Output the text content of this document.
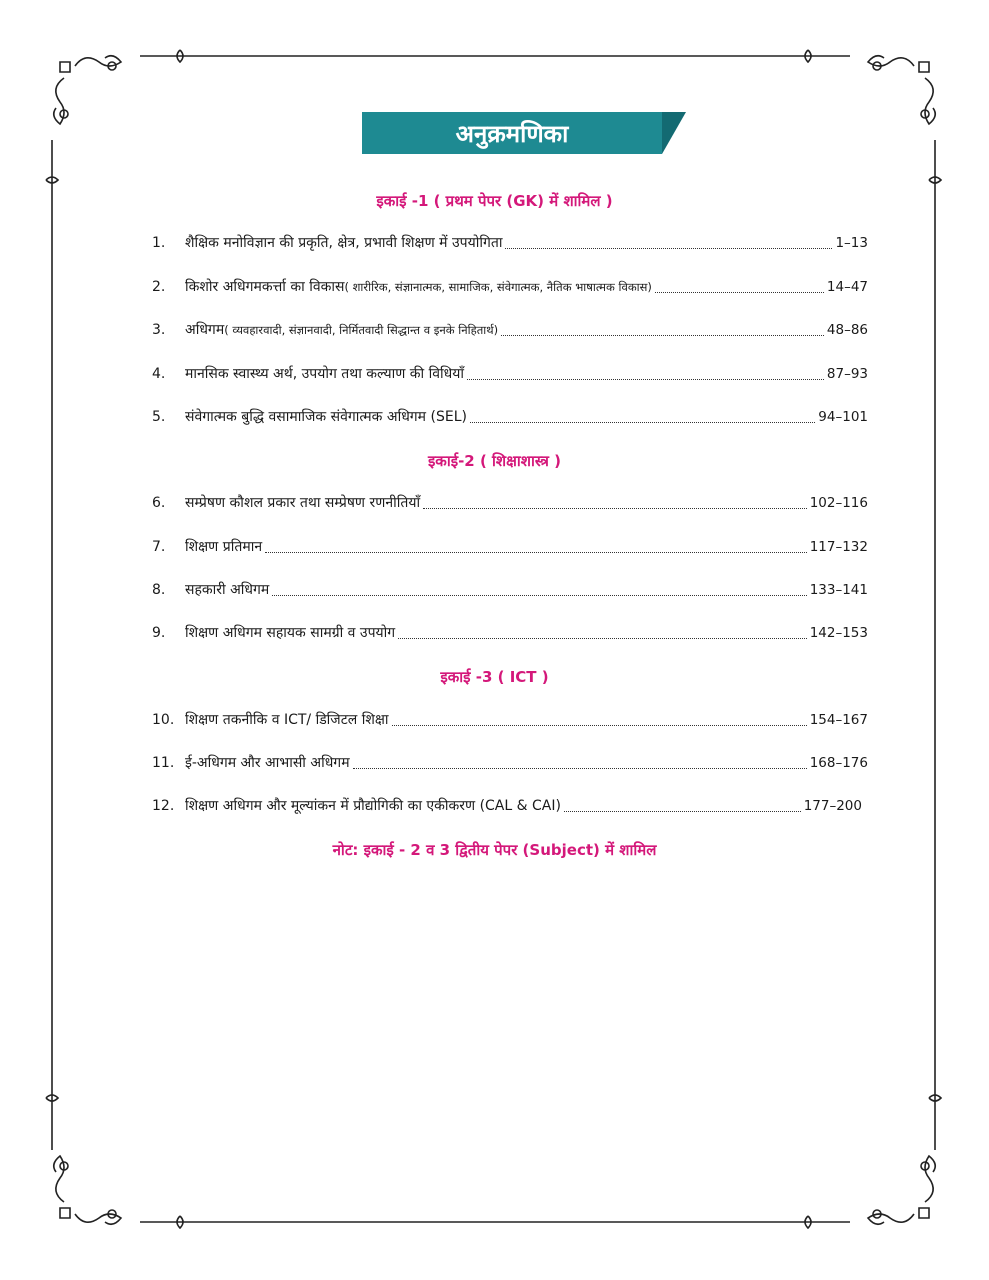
अनुक्रमणिका
इकाई -1 ( प्रथम पेपर (GK) में शामिल )
1.	शैक्षिक मनोविज्ञान की प्रकृति, क्षेत्र, प्रभावी शिक्षण में उपयोगिता	1–13
2.	किशोर अधिगमकर्त्ता का विकास ( शारीरिक, संज्ञानात्मक, सामाजिक, संवेगात्मक, नैतिक भाषात्मक विकास)	14–47
3.	अधिगम ( व्यवहारवादी, संज्ञानवादी, निर्मितवादी सिद्धान्त व इनके निहितार्थ)	48–86
4.	मानसिक स्वास्थ्य अर्थ, उपयोग तथा कल्याण की विधियाँ	87–93
5.	संवेगात्मक बुद्धि वसामाजिक संवेगात्मक अधिगम (SEL)	94–101
इकाई-2 ( शिक्षाशास्त्र )
6.	सम्प्रेषण कौशल प्रकार तथा सम्प्रेषण रणनीतियाँ	102–116
7.	शिक्षण प्रतिमान	117–132
8.	सहकारी अधिगम	133–141
9.	शिक्षण अधिगम सहायक सामग्री व उपयोग	142–153
इकाई -3 ( ICT )
10. शिक्षण तकनीकि व ICT/ डिजिटल शिक्षा	154–167
11. ई-अधिगम और आभासी अधिगम	168–176
12. शिक्षण अधिगम और मूल्यांकन में प्रौद्योगिकी का एकीकरण (CAL & CAI)	177–200
नोट: इकाई - 2 व 3 द्वितीय पेपर (Subject) में शामिल
